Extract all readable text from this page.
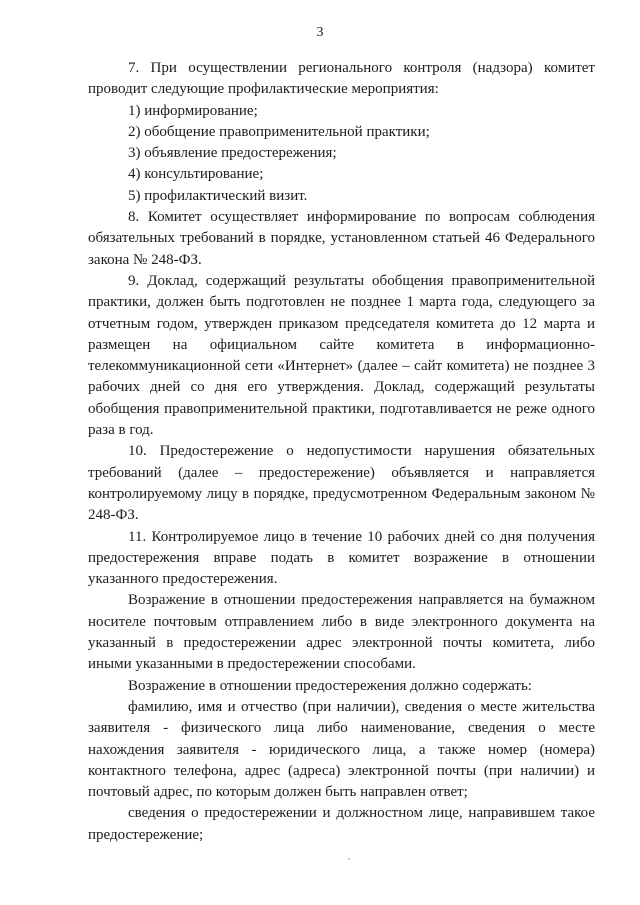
3

7. При осуществлении регионального контроля (надзора) комитет проводит следующие профилактические мероприятия:

1) информирование;

2) обобщение правоприменительной практики;

3) объявление предостережения;

4) консультирование;

5) профилактический визит.

8. Комитет осуществляет информирование по вопросам соблюдения обязательных требований в порядке, установленном статьей 46 Федерального закона № 248-ФЗ.

9. Доклад, содержащий результаты обобщения правоприменительной практики, должен быть подготовлен не позднее 1 марта года, следующего за отчетным годом, утвержден приказом председателя комитета до 12 марта и размещен на официальном сайте комитета в информационно-телекоммуникационной сети «Интернет» (далее – сайт комитета) не позднее 3 рабочих дней со дня его утверждения. Доклад, содержащий результаты обобщения правоприменительной практики, подготавливается не реже одного раза в год.

10. Предостережение о недопустимости нарушения обязательных требований (далее – предостережение) объявляется и направляется контролируемому лицу в порядке, предусмотренном Федеральным законом № 248-ФЗ.

11. Контролируемое лицо в течение 10 рабочих дней со дня получения предостережения вправе подать в комитет возражение в отношении указанного предостережения.

Возражение в отношении предостережения направляется на бумажном носителе почтовым отправлением либо в виде электронного документа на указанный в предостережении адрес электронной почты комитета, либо иными указанными в предостережении способами.

Возражение в отношении предостережения должно содержать:

фамилию, имя и отчество (при наличии), сведения о месте жительства заявителя - физического лица либо наименование, сведения о месте нахождения заявителя - юридического лица, а также номер (номера) контактного телефона, адрес (адреса) электронной почты (при наличии) и почтовый адрес, по которым должен быть направлен ответ;

сведения о предостережении и должностном лице, направившем такое предостережение;
